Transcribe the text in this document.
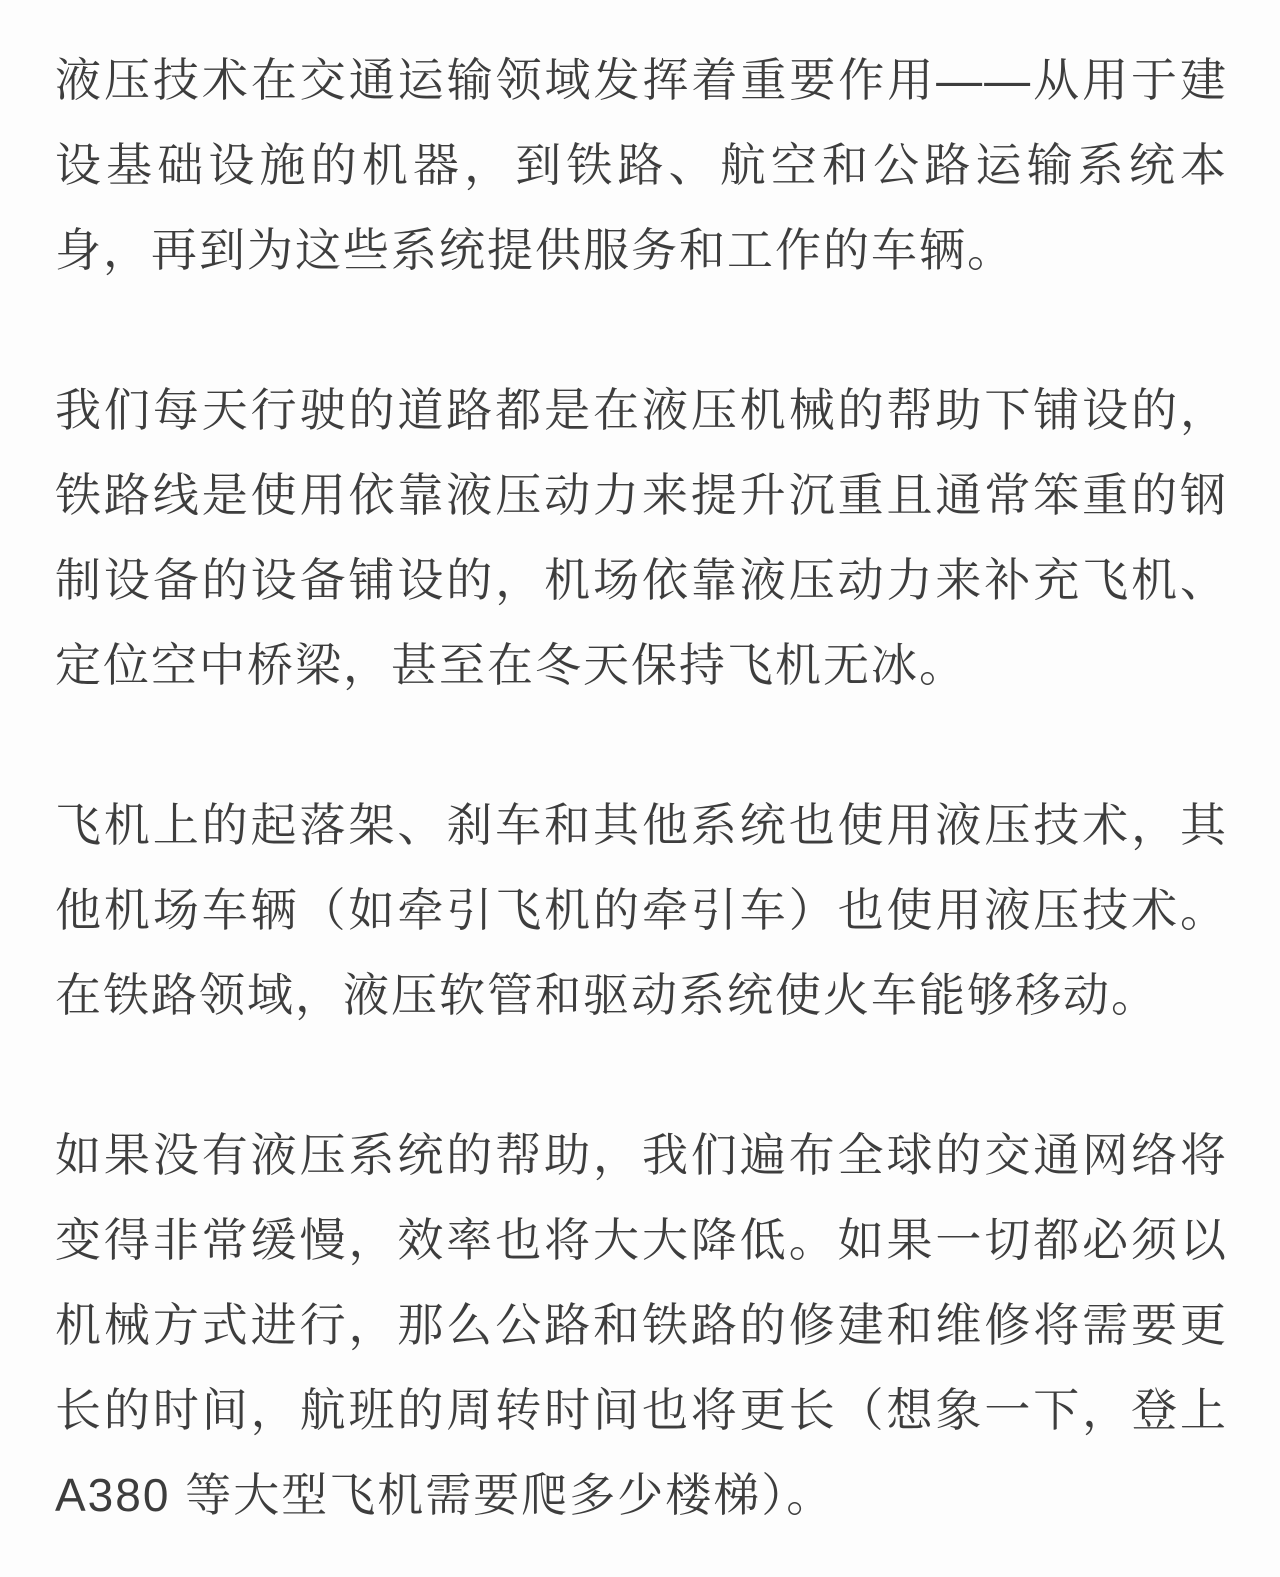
液压技术在交通运输领域发挥着重要作用——从用于建
设基础设施的机器，到铁路、航空和公路运输系统本
身，再到为这些系统提供服务和工作的车辆。
我们每天行驶的道路都是在液压机械的帮助下铺设的，
铁路线是使用依靠液压动力来提升沉重且通常笨重的钢
制设备的设备铺设的，机场依靠液压动力来补充飞机、
定位空中桥梁，甚至在冬天保持飞机无冰。
飞机上的起落架、刹车和其他系统也使用液压技术，其
他机场车辆（如牵引飞机的牵引车）也使用液压技术。
在铁路领域，液压软管和驱动系统使火车能够移动。
如果没有液压系统的帮助，我们遍布全球的交通网络将
变得非常缓慢，效率也将大大降低。如果一切都必须以
机械方式进行，那么公路和铁路的修建和维修将需要更
长的时间，航班的周转时间也将更长（想象一下，登上
A380 等大型飞机需要爬多少楼梯）。
